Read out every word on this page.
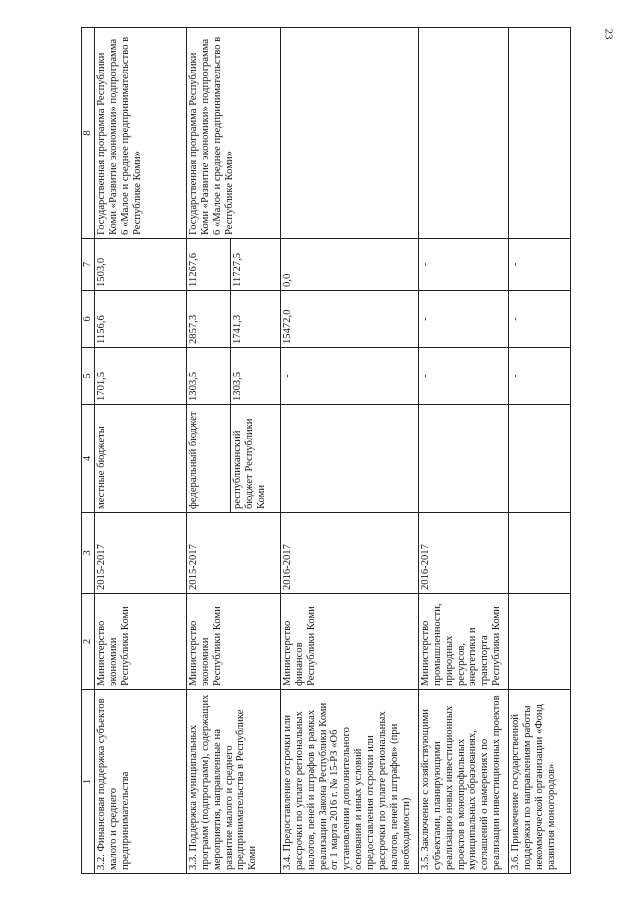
23
1	2	3	4	5	6	7	8
3.2. Финансовая поддержка субъектов малого и среднего предпринимательства	Министерство экономики Республики Коми	2015-2017	местные бюджеты	1701,5	1156,6	1503,0	Государственная программа Республики Коми «Развитие экономики» подпрограмма 6 «Малое и среднее предпринимательство в Республике Коми»
3.3. Поддержка муниципальных программ (подпрограмм), содержащих мероприятия, направленные на развитие малого и среднего предпринимательства в Республике Коми	Министерство экономики Республики Коми	2015-2017	федеральный бюджет	1303,5	2857,3	11267,6	Государственная программа Республики Коми «Развитие экономики» подпрограмма 6 «Малое и среднее предпринимательство в Республике Коми»
			республиканский бюджет Республики Коми	1303,5	1741,3	11727,5	
3.4. Предоставление отсрочки или рассрочки по уплате региональных налогов, пеней и штрафов в рамках реализации Закона Республики Коми от 1 марта 2016 г. № 15-РЗ «Об установлении дополнительного основания и иных условий предоставления отсрочки или рассрочки по уплате региональных налогов, пеней и штрафов» (при необходимости)	Министерство финансов Республики Коми	2016-2017		-	15472,0	0,0	
3.5. Заключение с хозяйствующими субъектами, планирующими реализацию новых инвестиционных проектов в монопрофильных муниципальных образованиях, соглашений о намерениях по реализации инвестиционных проектов	Министерство промышленности, природных ресурсов, энергетики и транспорта Республики Коми	2016-2017		-	-	-	
3.6. Привлечение государственной поддержки по направлениям работы некоммерческой организации «Фонд развития моногородов»				-	-	-	
